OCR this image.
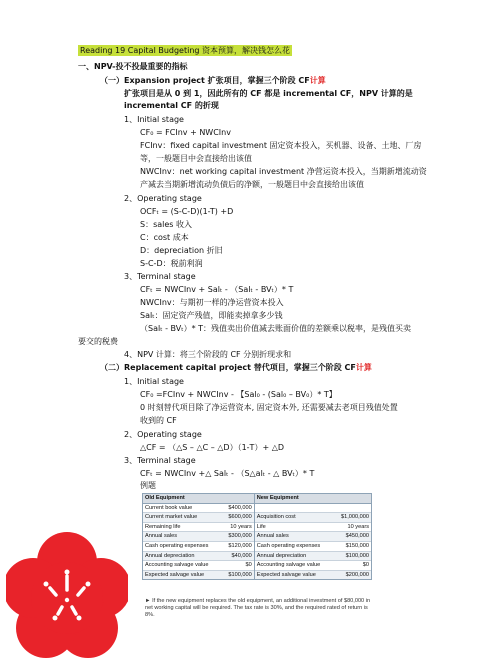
Reading 19 Capital Budgeting 资本预算，解决钱怎么花
一、NPV-投不投最重要的指标
（一） Expansion project 扩张项目，掌握三个阶段 CF计算
扩张项目是从 0 到 1，因此所有的 CF 都是 incremental CF，NPV 计算的是
incremental CF 的折现
1、Initial stage
CF₀ = FCInv + NWCInv
FCInv：fixed capital investment 固定资本投入，买机器、设备、土地、厂房
等，一般题目中会直接给出该值
NWCInv：net working capital investment 净营运资本投入，当期新增流动资
产减去当期新增流动负债后的净额，一般题目中会直接给出该值
2、Operating stage
OCFₜ = (S-C-D)(1-T) +D
S：sales 收入
C：cost 成本
D：depreciation 折旧
S-C-D：税前利润
3、Terminal stage
CFₜ = NWCInv + Salₜ - （Salₜ - BVₜ）* T
NWCInv：与期初一样的净运营资本投入
Salₜ：固定资产残值，即能卖掉拿多少钱
（Salₜ - BVₜ）* T：残值卖出价值减去账面价值的差额乘以税率，是残值买卖
要交的税费
4、NPV 计算：将三个阶段的 CF 分别折现求和
（二） Replacement capital project 替代项目，掌握三个阶段 CF计算
1、Initial stage
CF₀ =FCInv + NWCInv - 【Sal₀ - (Sal₀ – BV₀）* T】
0 时刻替代项目除了净运营资本, 固定资本外, 还需要减去老项目残值处置
收到的 CF
2、Operating stage
△CF = （△S – △C – △D）（1-T）+ △D
3、Terminal stage
CFₜ = NWCInv +△ Salₜ - （S△alₜ - △ BVₜ）* T
例题
Old Equipment		New Equipment	
Current book value	$400,000		
Current market value	$600,000	Acquisition cost	$1,000,000
Remaining life	10 years	Life	10 years
Annual sales	$300,000	Annual sales	$450,000
Cash operating expenses	$120,000	Cash operating expenses	$150,000
Annual depreciation	$40,000	Annual depreciation	$100,000
Accounting salvage value	$0	Accounting salvage value	$0
Expected salvage value	$100,000	Expected salvage value	$200,000
► If the new equipment replaces the old equipment, an additional investment of $80,000 in net working capital will be required. The tax rate is 30%, and the required rated of return is 8%.
